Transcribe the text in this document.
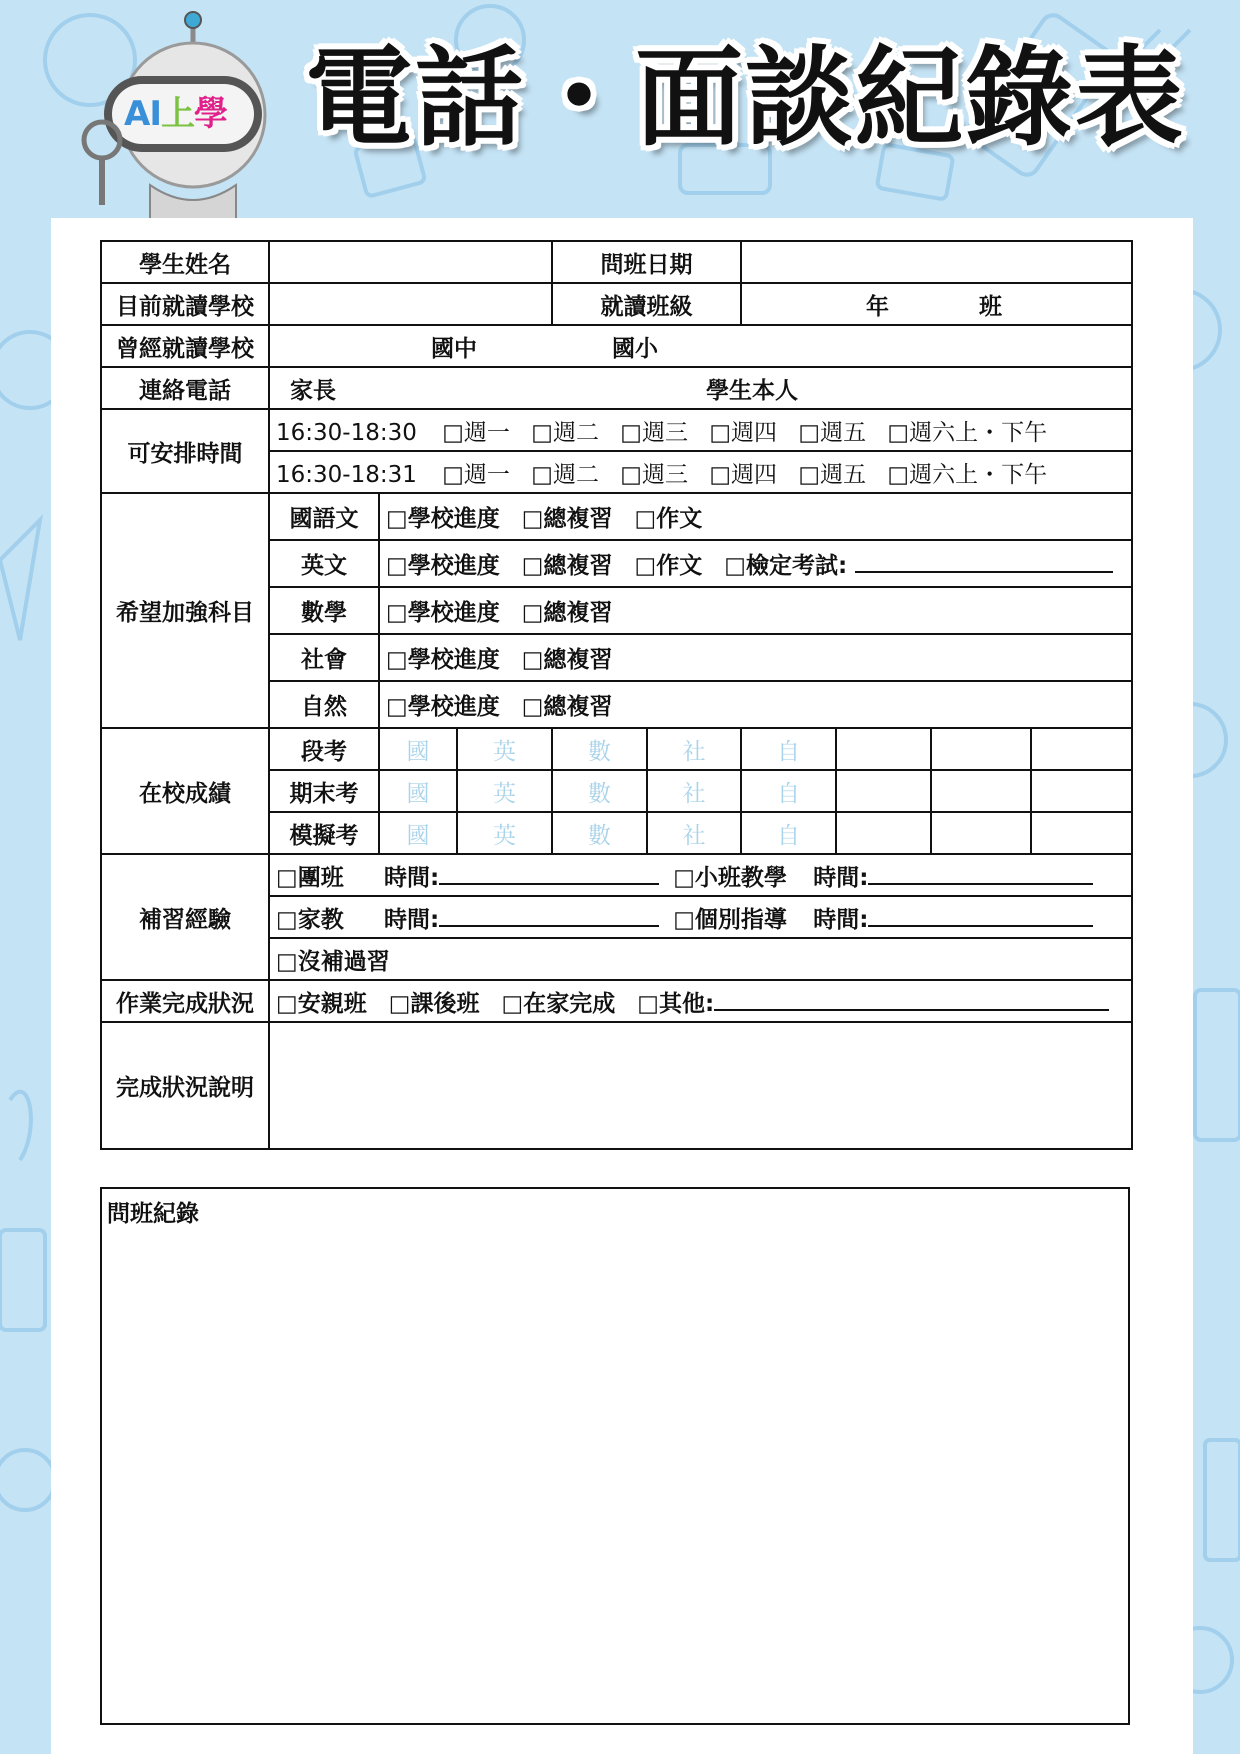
AI上學 電話・面談紀錄表
學生姓名				問班日期					
目前就讀學校				就讀班級		年 班			
曾經就讀學校	國中 國小								
連絡電話	家長 學生本人								
可安排時間	16:30-18:30 □週一 □週二 □週三 □週四 □週五 □週六上・下午								
	16:30-18:31 □週一 □週二 □週三 □週四 □週五 □週六上・下午								
希望加強科目	國語文	□學校進度 □總複習 □作文							
	英文	□學校進度 □總複習 □作文 □檢定考試:							
	數學	□學校進度 □總複習							
	社會	□學校進度 □總複習							
	自然	□學校進度 □總複習							
在校成績	段考	國	英	數	社	自			
	期末考	國	英	數	社	自			
	模擬考	國	英	數	社	自			
補習經驗	□團班 時間: □小班教學 時間:								
	□家教 時間: □個別指導 時間:								
	□沒補過習								
作業完成狀況	□安親班 □課後班 □在家完成 □其他:								
完成狀況說明									
問班紀錄
